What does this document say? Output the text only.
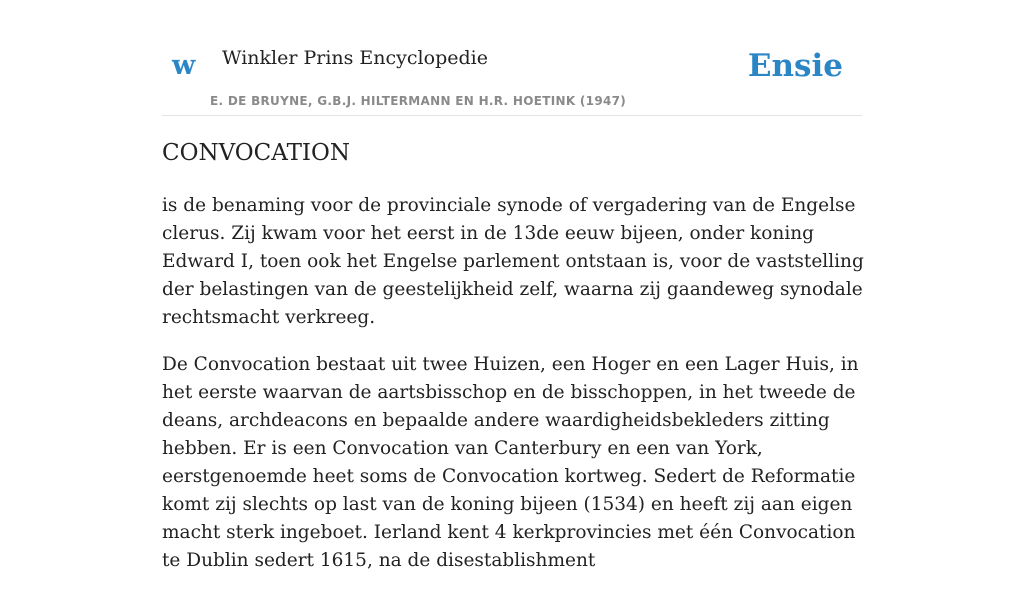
w Winkler Prins Encyclopedie
E. DE BRUYNE, G.B.J. HILTERMANN EN H.R. HOETINK (1947)
Ensie
CONVOCATION

is de benaming voor de provinciale synode of vergadering van de Engelse clerus. Zij kwam voor het eerst in de 13de eeuw bijeen, onder koning Edward I, toen ook het Engelse parlement ontstaan is, voor de vaststelling der belastingen van de geestelijkheid zelf, waarna zij gaandeweg synodale rechtsmacht verkreeg.

De Convocation bestaat uit twee Huizen, een Hoger en een Lager Huis, in het eerste waarvan de aartsbisschop en de bisschoppen, in het tweede de deans, archdeacons en bepaalde andere waardigheidsbekleders zitting hebben. Er is een Convocation van Canterbury en een van York, eerstgenoemde heet soms de Convocation kortweg. Sedert de Reformatie komt zij slechts op last van de koning bijeen (1534) en heeft zij aan eigen macht sterk ingeboet. Ierland kent 4 kerkprovincies met één Convocation te Dublin sedert 1615, na de disestablishment
